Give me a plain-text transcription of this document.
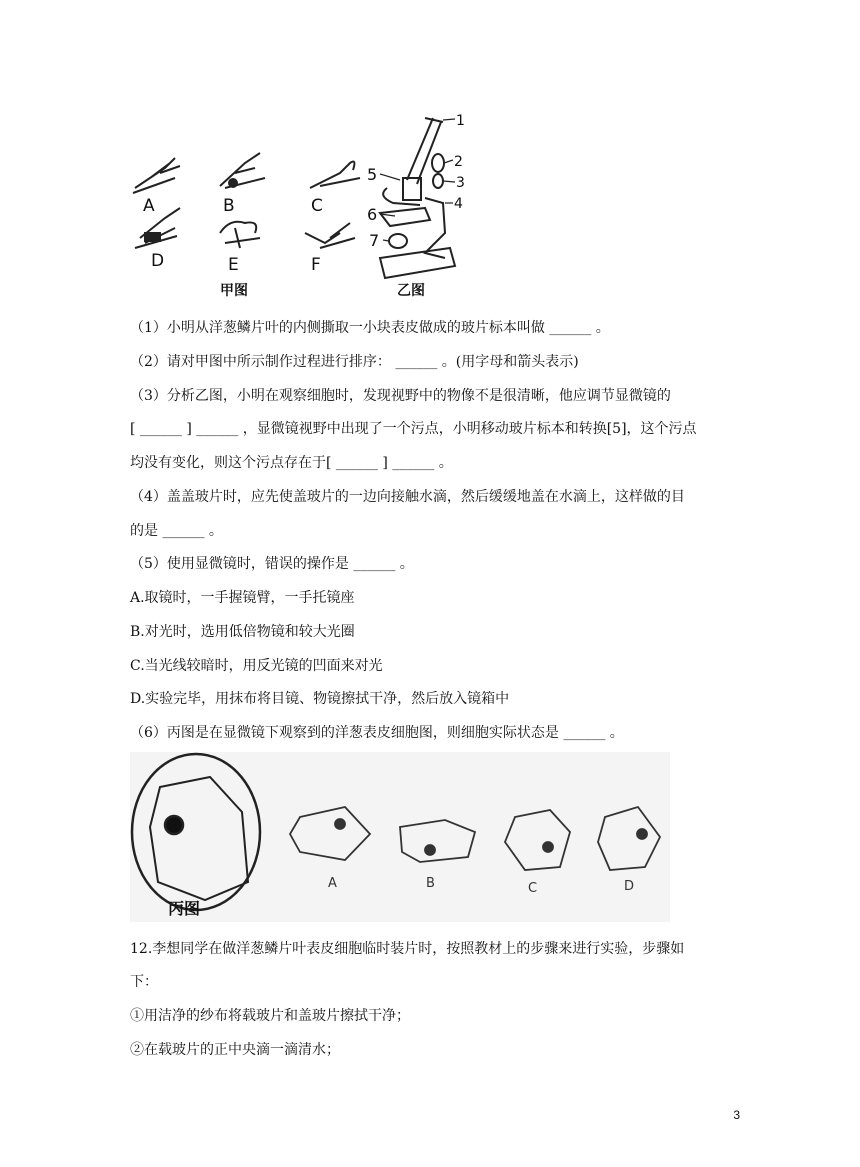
A	B	C
D	E	F
甲图
1
2
3
4
5
6
7
乙图
（1）小明从洋葱鳞片叶的内侧撕取一小块表皮做成的玻片标本叫做 ______ 。
（2）请对甲图中所示制作过程进行排序： ______ 。(用字母和箭头表示)
（3）分析乙图，小明在观察细胞时，发现视野中的物像不是很清晰，他应调节显微镜的
[ ______ ] ______ ，显微镜视野中出现了一个污点，小明移动玻片标本和转换[5]，这个污点
均没有变化，则这个污点存在于[ ______ ] ______ 。
（4）盖盖玻片时，应先使盖玻片的一边向接触水滴，然后缓缓地盖在水滴上，这样做的目
的是 ______ 。
（5）使用显微镜时，错误的操作是 ______ 。
A.取镜时，一手握镜臂，一手托镜座
B.对光时，选用低倍物镜和较大光圈
C.当光线较暗时，用反光镜的凹面来对光
D.实验完毕，用抹布将目镜、物镜擦拭干净，然后放入镜箱中
（6）丙图是在显微镜下观察到的洋葱表皮细胞图，则细胞实际状态是 ______ 。
丙图
A	B	C	D
12.李想同学在做洋葱鳞片叶表皮细胞临时装片时，按照教材上的步骤来进行实验，步骤如
下：
①用洁净的纱布将载玻片和盖玻片擦拭干净；
②在载玻片的正中央滴一滴清水；
3
